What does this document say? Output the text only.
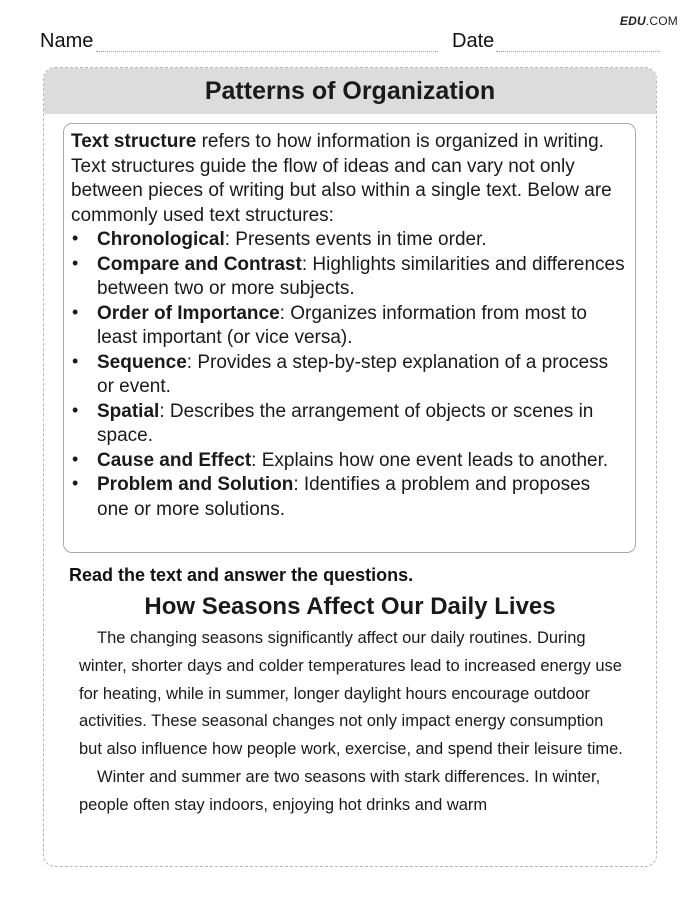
EDU.COM
Name	Date
Patterns of Organization

Text structure refers to how information is organized in writing. Text structures guide the flow of ideas and can vary not only between pieces of writing but also within a single text. Below are commonly used text structures:

• Chronological: Presents events in time order.
• Compare and Contrast: Highlights similarities and differences between two or more subjects.
• Order of Importance: Organizes information from most to least important (or vice versa).
• Sequence: Provides a step-by-step explanation of a process or event.
• Spatial: Describes the arrangement of objects or scenes in space.
• Cause and Effect: Explains how one event leads to another.
• Problem and Solution: Identifies a problem and proposes one or more solutions.
Read the text and answer the questions.
How Seasons Affect Our Daily Lives

The changing seasons significantly affect our daily routines. During winter, shorter days and colder temperatures lead to increased energy use for heating, while in summer, longer daylight hours encourage outdoor activities. These seasonal changes not only impact energy consumption but also influence how people work, exercise, and spend their leisure time.

Winter and summer are two seasons with stark differences. In winter, people often stay indoors, enjoying hot drinks and warm
